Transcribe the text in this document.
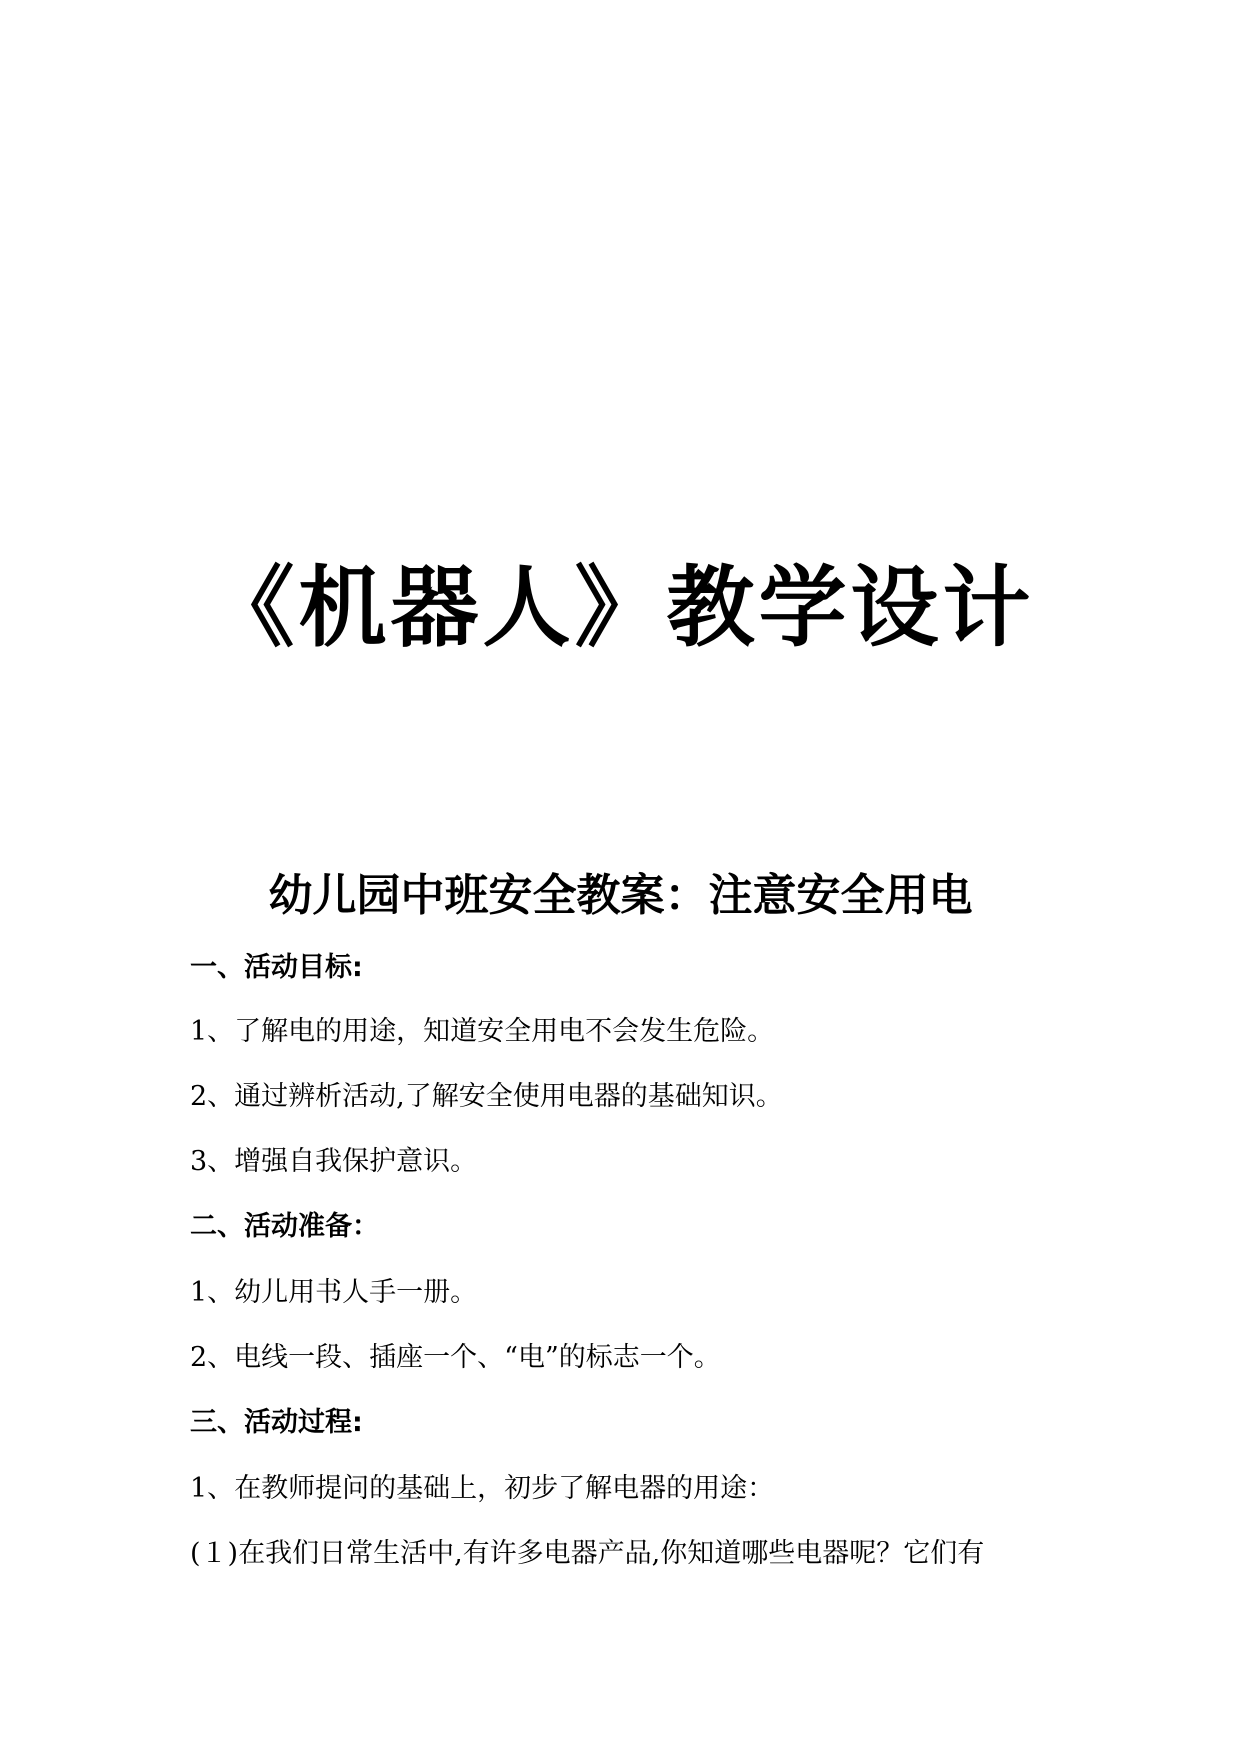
《机器人》教学设计
幼儿园中班安全教案：注意安全用电
一、活动目标:
1、了解电的用途，知道安全用电不会发生危险。
2、通过辨析活动,了解安全使用电器的基础知识。
3、增强自我保护意识。
二、活动准备：
1、幼儿用书人手一册。
2、电线一段、插座一个、“电”的标志一个。
三、活动过程:
1、在教师提问的基础上，初步了解电器的用途：
(１)在我们日常生活中,有许多电器产品,你知道哪些电器呢？它们有
